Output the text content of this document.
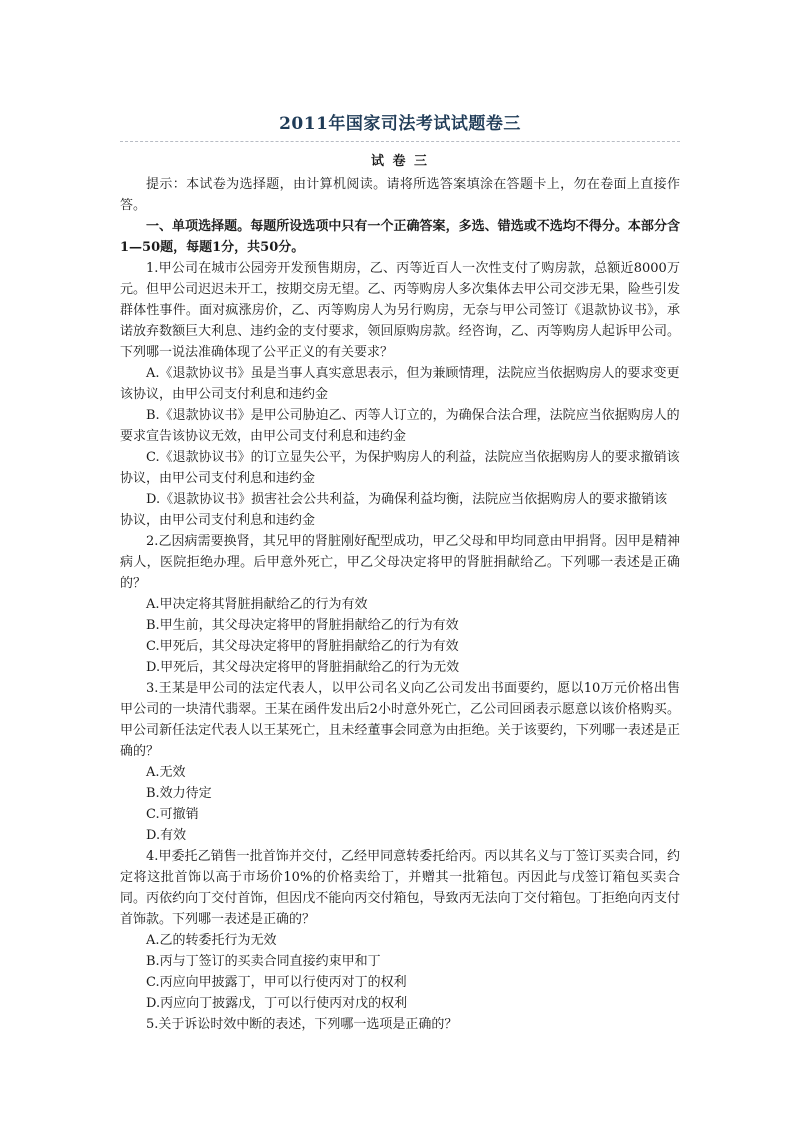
2011年国家司法考试试题卷三
试 卷 三

提示：本试卷为选择题，由计算机阅读。请将所选答案填涂在答题卡上，勿在卷面上直接作答。

一、单项选择题。每题所设选项中只有一个正确答案，多选、错选或不选均不得分。本部分含1—50题，每题1分，共50分。

1.甲公司在城市公园旁开发预售期房，乙、丙等近百人一次性支付了购房款，总额近8000万元。但甲公司迟迟未开工，按期交房无望。乙、丙等购房人多次集体去甲公司交涉无果，险些引发群体性事件。面对疯涨房价，乙、丙等购房人为另行购房，无奈与甲公司签订《退款协议书》，承诺放弃数额巨大利息、违约金的支付要求，领回原购房款。经咨询，乙、丙等购房人起诉甲公司。下列哪一说法准确体现了公平正义的有关要求？

A.《退款协议书》虽是当事人真实意思表示，但为兼顾情理，法院应当依据购房人的要求变更该协议，由甲公司支付利息和违约金

B.《退款协议书》是甲公司胁迫乙、丙等人订立的，为确保合法合理，法院应当依据购房人的要求宣告该协议无效，由甲公司支付利息和违约金

C.《退款协议书》的订立显失公平，为保护购房人的利益，法院应当依据购房人的要求撤销该协议，由甲公司支付利息和违约金

D.《退款协议书》损害社会公共利益，为确保利益均衡，法院应当依据购房人的要求撤销该协议，由甲公司支付利息和违约金

2.乙因病需要换肾，其兄甲的肾脏刚好配型成功，甲乙父母和甲均同意由甲捐肾。因甲是精神病人，医院拒绝办理。后甲意外死亡，甲乙父母决定将甲的肾脏捐献给乙。下列哪一表述是正确的？

A.甲决定将其肾脏捐献给乙的行为有效

B.甲生前，其父母决定将甲的肾脏捐献给乙的行为有效

C.甲死后，其父母决定将甲的肾脏捐献给乙的行为有效

D.甲死后，其父母决定将甲的肾脏捐献给乙的行为无效

3.王某是甲公司的法定代表人，以甲公司名义向乙公司发出书面要约，愿以10万元价格出售甲公司的一块清代翡翠。王某在函件发出后2小时意外死亡，乙公司回函表示愿意以该价格购买。甲公司新任法定代表人以王某死亡，且未经董事会同意为由拒绝。关于该要约，下列哪一表述是正确的？

A.无效

B.效力待定

C.可撤销

D.有效

4.甲委托乙销售一批首饰并交付，乙经甲同意转委托给丙。丙以其名义与丁签订买卖合同，约定将这批首饰以高于市场价10%的价格卖给丁，并赠其一批箱包。丙因此与戊签订箱包买卖合同。丙依约向丁交付首饰，但因戊不能向丙交付箱包，导致丙无法向丁交付箱包。丁拒绝向丙支付首饰款。下列哪一表述是正确的？

A.乙的转委托行为无效

B.丙与丁签订的买卖合同直接约束甲和丁

C.丙应向甲披露丁，甲可以行使丙对丁的权利

D.丙应向丁披露戊，丁可以行使丙对戊的权利

5.关于诉讼时效中断的表述，下列哪一选项是正确的？
